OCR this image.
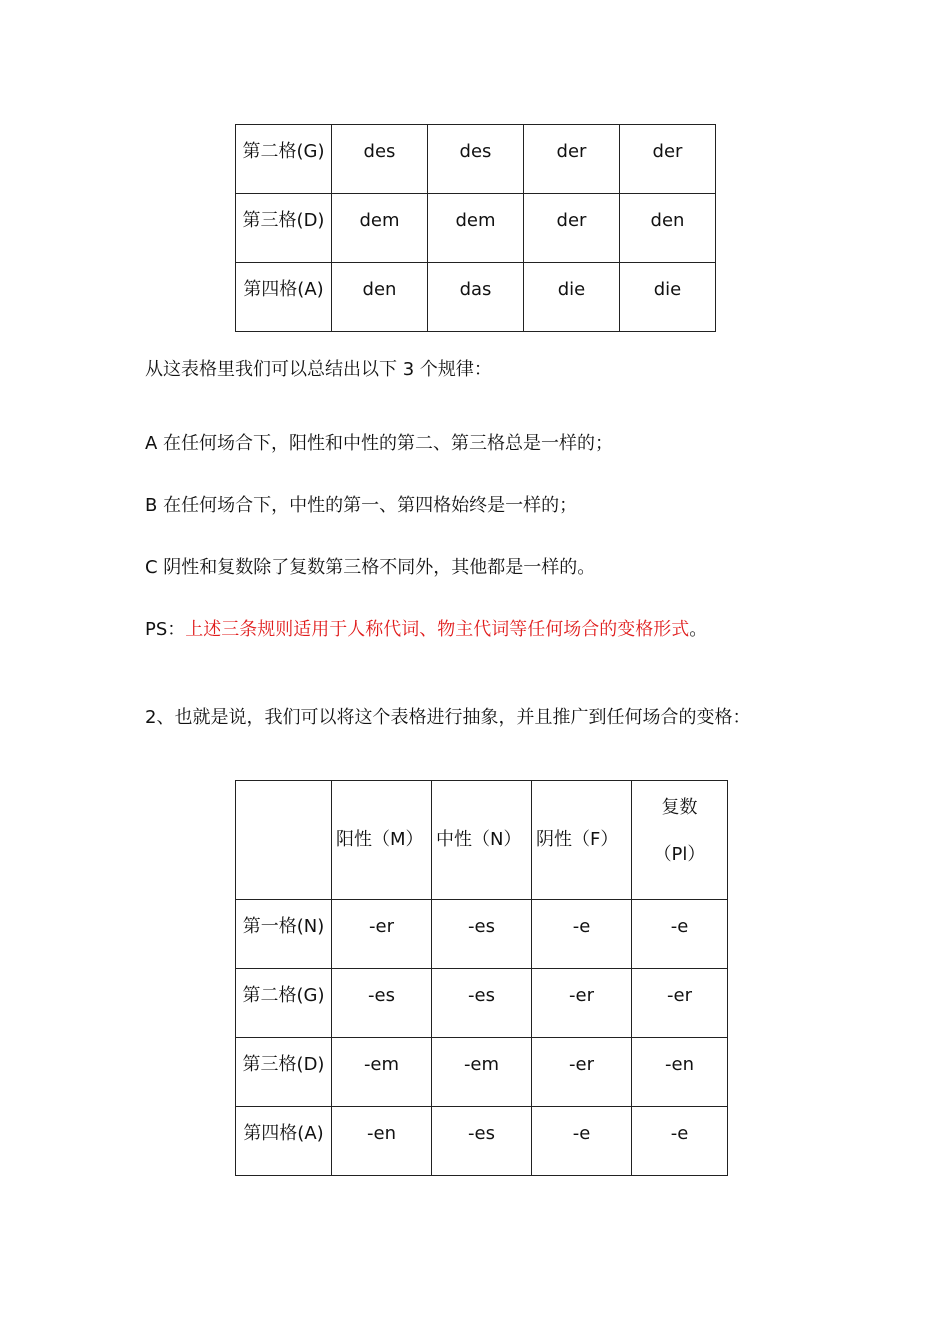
第二格(G)	des	des	der	der

第三格(D)	dem	dem	der	den

第四格(A)	den	das	die	die
从这表格里我们可以总结出以下 3 个规律：
A 在任何场合下，阳性和中性的第二、第三格总是一样的；
B 在任何场合下，中性的第一、第四格始终是一样的；
C 阴性和复数除了复数第三格不同外，其他都是一样的。
PS：上述三条规则适用于人称代词、物主代词等任何场合的变格形式。
2、也就是说，我们可以将这个表格进行抽象，并且推广到任何场合的变格：
	阳性（M）	中性（N）	阴性（F）	复数
（Pl）

第一格(N)	-er	-es	-e	-e

第二格(G)	-es	-es	-er	-er

第三格(D)	-em	-em	-er	-en

第四格(A)	-en	-es	-e	-e
